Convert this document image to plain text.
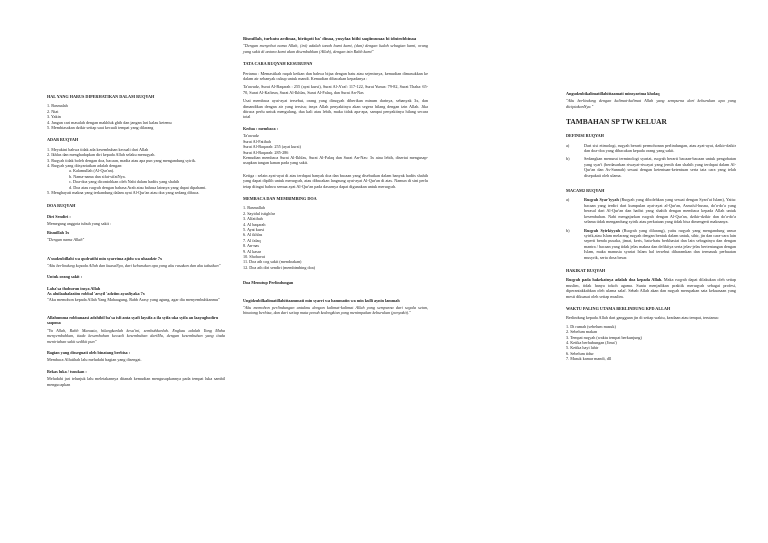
HAL YANG HARUS DIPERHATIKAN DALAM RUQYAH
1. Basmalah
2. Niat
3. Yakin
4. Jangan cari masalah dengan makhluk ghib dan jangan lari kalau ketemu
5. Membiasakan dzikir setiap saat kecuali tempat yang dilarang
ADAB RUQYAH
1. Meyakini bahwa tidak ada kesembuhan kecuali dari Allah
2. Ikhlas dan menghadapkan diri kepada Allah selaku meruqyah.
3. Ruqyah tidak boleh dengan doa, bacaan, madia atau apa pun yang mengandung syirik.
4. Ruqyah yang diisyariatkan adalah dengan:
a. Kalamullah (Al-Qur'an).
b. Nama-nama dan sifat-sifatNya.
c. Doa-doa yang dicontohkan oleh Nabi dalam hadits yang shahih
d. Doa atau ruqyah dengan bahasa Arab atau bahasa lainnya yang dapat dipahami.
5. Menghayati makna yang terkandung dalam ayat Al-Qur'an atau doa yang sedang dibaca.
DOA RUQYAH
Diri Sendiri :
Memegang anggota tubuh yang sakit :
Bismillah 3x
"Dengan nama Allah"
A'uudzubillahi wa qudratihi min syarrima ajidu wa uhaadzir 7x
"Aku berlindung kepada Allah dan kuasaNya, dari keburukan apa yang aku rasakan dan aku takutkan"
Untuk orang sakit :
Laba'sa thohurun insya Allah
As aluilaahalaziim robbal 'arsyil 'adziim ayasfiyaka 7x
"Aku memohon kepada Allah Yang Mahaagung, Rabb Arasy yang agung, agar dia menyembuhkanmu"
Allahumma robbanaasi adzhibil ba'sa isfi anta syafi laysifa a ila syifa uka syifa an laayughodiru saqoma
"Ya Allah, Rabb Manusia, hilangkanlah kesu'ini, sembuhkanlah. Engkau adalah Yang Maha menyembuhkan, tiada kesembuhan kecuali kesembuhan dariMu, dengan kesembuhan yang tiada meniriahan sakit sedikit pun"
Bagian yang disseguati oleh binatang berbisa :
Membaca Alfatihah lalu meludahi bagian yang disengat.
Bekas luka / tusukan :
Meludahi jari telunjuk lalu meletakannya ditanah kemudian mengusapkannya pada tempat luka sambil mengucapkan
Bismillah, turbatu ardinaa, biriiqoti ba' dinaa, yusyfaa biihi saqiimunaa bi idnirobbinaa
"Dengan menyebut nama Allah, (ini) adalah tanah bumi kami, (dan) dengan ludah sebagian kami, orang yang sakit di antara kami akan disembuhkan (Allah), dengan izin Rabb kami"
TATA CARA RUQYAH KESURUPAN
Pertama : Memastikah ruqah ketkan dan bahwa bijaa dengan batu atau sejenisnya, kemudian dimasukkan ke dalam air sebanyak cukup untuk mandi. Kemudian dibacakan kepadanya :
Ta'awudz, Surat Al-Baqarah : 255 (ayat kursi), Surat Al-A'raf: 117-122, Surat Yunus: 79-82, Surat Thaha: 65-70, Surat Al-Kafirun, Surat Al-Ikhlas, Surat Al-Falaq, dan Surat An-Nas
Usai membaca ayat-ayat tersebut, orang yang diruqyah diberikan minum darinya, sebanyak 3x, dan dimandikan dengan air yang tersisa; insya Allah penyakitnya akan segera hilang dengan izin Allah. Jika ditraca perlu untuk mengulang, dua kali atau lebih, maka tidak apa-apa, sampai penyakitnya hilang secara total
Kedua : membaca :
Ta'awudz
Surat Al-Fatihah
Surat Al-Baqarah: 255 (ayat kursi)
Surat Al-Baqarah: 285-286
Kemudian membaca Surat Al-Ikhlas, Surat Al-Falaq dan Surat An-Nas: 3x atau lebih, disertai mengusap-usapkan tangan kanan pada yang sakit.
Ketiga : selain ayat-ayat di atas terdapat banyak doa dan bacaan yang disebutkan dalam banyak hadits shahih yang dapat dipilih untuk meruqyah, atau dibacakan langsung ayat-ayat Al-Qur'an di atas. Namun di sini perlu tetap diingat bahwa semua ayat Al-Qur'an pada dasarnya dapat digunakan untuk meruqyah.
MEMBACA DAN MEMBIMBING DOA
1. Basmallah
2. Sayidul istighfar
3. Alfatihah
4. Al baqarah
5. Ayat kursi
6. Al ikhlas
7. Al falaq
8. An-nas
9. Al kasar
10. Shohavat
11. Doa ath cog sakit (mendoakan)
12. Doa ath diri sendiri (membimbing doa)
Doa Menutup Perlindungan
Ungidzubilkalimatillahittaammati min syarri wa hammatin wa min kulli aynin lammah
"Aku memohon perlindungan untuknu dengan kalimat-kalimat Allah yang sempurna dari segala setan, binatang berbisa, dan dari setiap mata penuh kedengkian yang menimpakan keburukan (penyakit)."
Angudzubikalimatillahittaamati minsyarima kholaq
"Aku berlindung dengan kalimat-kalimat Allah yang sempurna dari keburukan apa yang diciptakanNya."
TAMBAHAN SP TW KELUAR
DEFINISI RUQYAH
a)	Dari sisi etimologi, ruqyah berarti permohonan perlindungan, atau ayat-ayat, dzikir-dzikir dan doa-doa yang dibacakan kepada orang yang sakit.
b)	Sedangkan menurut terminologi syariat, ruqyah berarti bacaan-bacaan untuk pengobatan yang syar'i (berdasarkan riwayat-riwayat yang jernih dan shahih yang terdapat dalam Al-Qur'an dan As-Sunnah) sesuai dengan ketentuan-ketentuan serta tata cara yang telah disepakati oleh ulama.
MACAM2 RUQYAH
a)	Ruqyah Syar'iyyah (Ruqyah yang dibolehkan yang sesuai dengan Syari'at Islam), Yaitu: bacaan yang terdiri dari kumpulan ayat-ayat al-Qur'an, Asma'ul-husna, do'a-do'a yang berasal dari Al-Qur'an dan hadist yang shahih dengan membaca kepada Allah untuk kesembuhan. Nabi mengajarkan ruqyah dengan Al-Qur'an, dzikir-dzikir dan do'a-do'a selama tidak mengandung syirik atau perkataan yang tidak bisa dimengerti maknanya.
b)	Ruqyah Syirkiyyah (Ruqyah yang dilarang), yaitu ruqyah yang mengandung unsur syirik,atau Islam melarang ruqyah dengan bentuk dalam untuk, sihir, jin dan cara-cara lain seperti benda pusaka, jimat, keris, batu-batu berkhasiat dan lain sebagainya dan dengan mantra / bacaan yang tidak jelas makna dan defikitya serta jelas-jelas bertentangan dengan Islam, maka manusia syariat Islam hal tersebut diharamkan dan termasuk perbuatan musyrik, serta dosa besar.
HAKIKAT RUQYAH
Ruqyah pada hakekatnya adalah doa kepada Allah. Maka ruqyah dapat dilakukan oleh setiap muslim, tidak hanya tokoh agama. Suatu menjadikan praktik meruqyah sebagai profesi, diperantakkabkan oleh ulama salaf. Sebab Allah akan dan ruqyah merupakan sata kekuasaan yang mesti dikuasai oleh setiap muslim.
WAKTU PALING UTAMA BERLINDUNG KPD ALLAH
Berlindung kepada Allah dari gangguan jin di setiap waktu, keadaan atau tempat, terutama:
1. Di rumah (sebelum masuk)
2. Sebelum makan
3. Tempat ruqyah (waktu tempat berkunjung)
4. Ketika berhubungan (Jima')
5. Ketika hayi lahir
6. Sebelum tidur
7. Masuk kamar mandi, dll
